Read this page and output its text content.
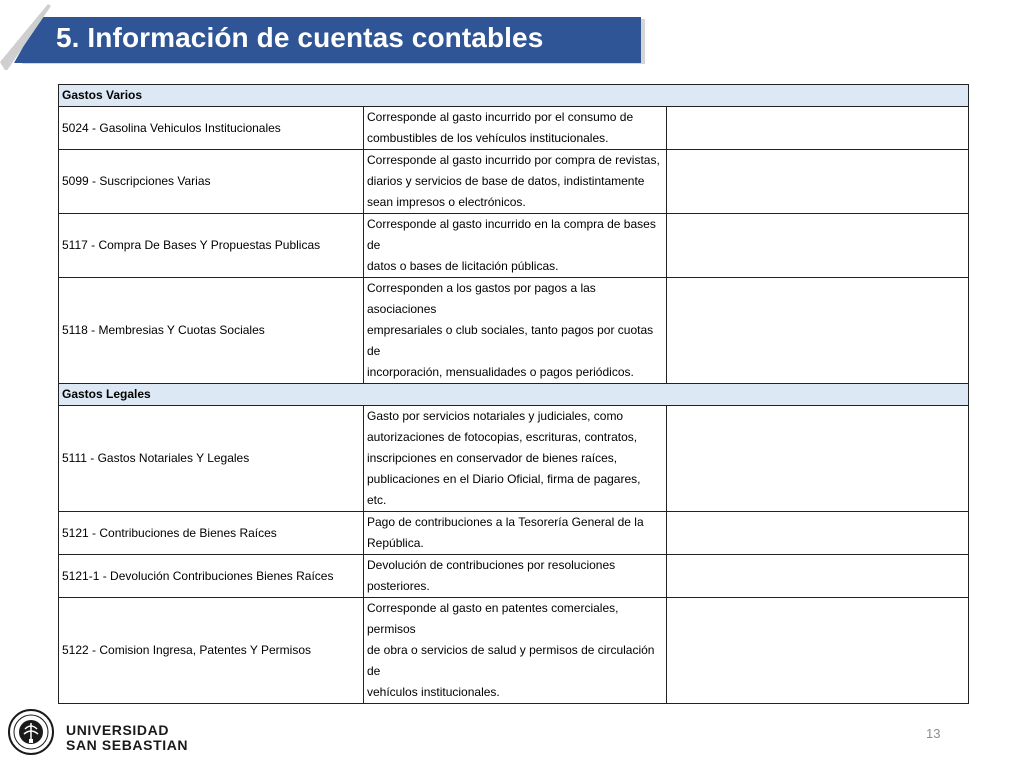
5. Información de cuentas contables
Gastos Varios		
5024 - Gasolina Vehiculos Institucionales	Corresponde al gasto incurrido por el consumo de
combustibles de los vehículos institucionales.	

5099 - Suscripciones Varias	Corresponde al gasto incurrido por compra de revistas,
diarios y servicios de base de datos, indistintamente
sean impresos o electrónicos.	

5117 - Compra De Bases Y Propuestas Publicas	Corresponde al gasto incurrido en la compra de bases de
datos o bases de licitación públicas.	

5118 - Membresias Y Cuotas Sociales	Corresponden a los gastos por pagos a las asociaciones
empresariales o club sociales, tanto pagos por cuotas de
incorporación, mensualidades o pagos periódicos.	

Gastos Legales		
5111 - Gastos Notariales Y Legales	Gasto por servicios notariales y judiciales, como
autorizaciones de fotocopias, escrituras, contratos,
inscripciones en conservador de bienes raíces,
publicaciones en el Diario Oficial, firma de pagares, etc.	

5121 - Contribuciones de Bienes Raíces	Pago de contribuciones a la Tesorería General de la
República.	

5121-1 - Devolución Contribuciones Bienes Raíces	Devolución de contribuciones por resoluciones
posteriores.	

5122 - Comision Ingresa, Patentes Y Permisos	Corresponde al gasto en patentes comerciales, permisos
de obra o servicios de salud y permisos de circulación de
vehículos institucionales.	

UNIVERSIDAD
SAN SEBASTIAN
13
